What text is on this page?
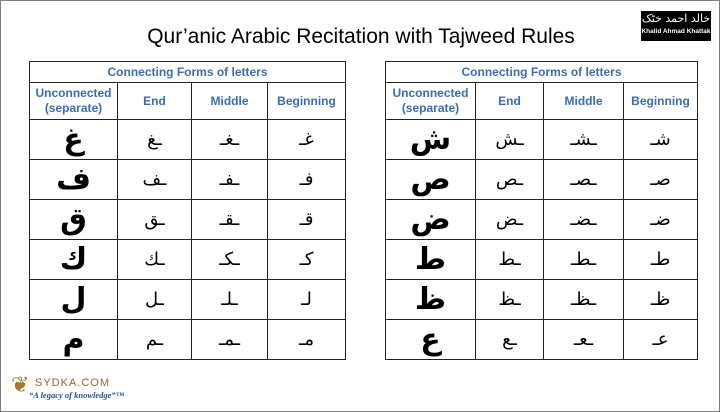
Qur’anic Arabic Recitation with Tajweed Rules
خالد احمد خٹک
Khalid Ahmad Khattak
Connecting Forms of letters			
Unconnected (separate)	End	Middle	Beginning
غ	ـغ	ـغـ	غـ
ف	ـف	ـفـ	فـ
ق	ـق	ـقـ	قـ
ك	ـك	ـكـ	كـ
ل	ـل	ـلـ	لـ
م	ـم	ـمـ	مـ
Connecting Forms of letters			
Unconnected (separate)	End	Middle	Beginning
ش	ـش	ـشـ	شـ
ص	ـص	ـصـ	صـ
ض	ـض	ـضـ	ضـ
ط	ـط	ـطـ	طـ
ظ	ـظ	ـظـ	ظـ
ع	ـع	ـعـ	عـ
❦ SYDKA.COM
“A legacy of knowledge”™
